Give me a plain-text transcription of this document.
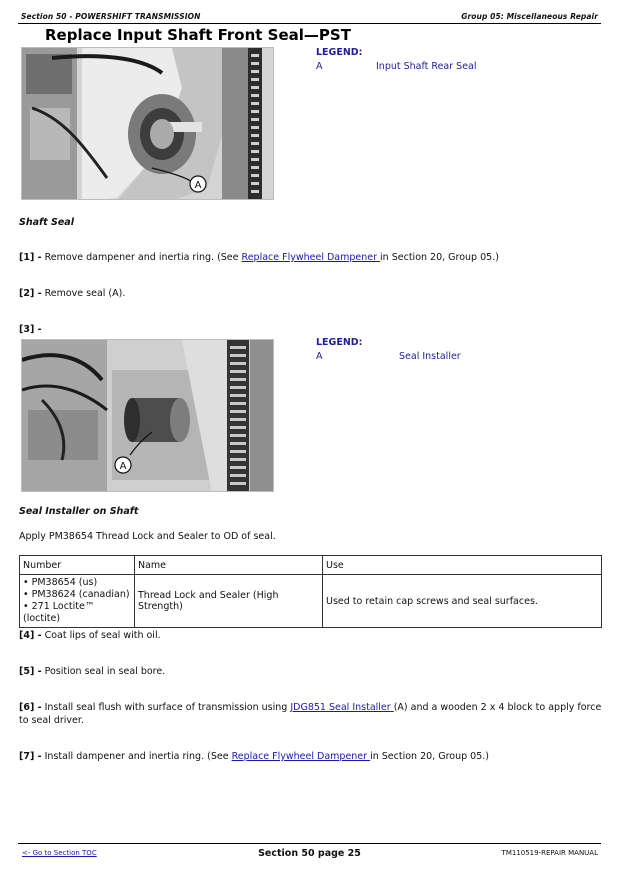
Section 50 - POWERSHIFT TRANSMISSION	Group 05: Miscellaneous Repair
Replace Input Shaft Front Seal—PST
A
LEGEND:
A	Input Shaft Rear Seal
Shaft Seal
[1] - Remove dampener and inertia ring. (See Replace Flywheel Dampener in Section 20, Group 05.)
[2] - Remove seal (A).
[3] -
A
LEGEND:
A	Seal Installer
Seal Installer on Shaft
Apply PM38654 Thread Lock and Sealer to OD of seal.
Number	Name	Use

• PM38654 (us)
• PM38624 (canadian)
• 271 Loctite™ (loctite)	Thread Lock and Sealer (High Strength)	Used to retain cap screws and seal surfaces.
[4] - Coat lips of seal with oil.
[5] - Position seal in seal bore.
[6] - Install seal flush with surface of transmission using JDG851 Seal Installer (A) and a wooden 2 x 4 block to apply force to seal driver.
[7] - Install dampener and inertia ring. (See Replace Flywheel Dampener in Section 20, Group 05.)
<- Go to Section TOC	Section 50 page 25	TM110519-REPAIR MANUAL
